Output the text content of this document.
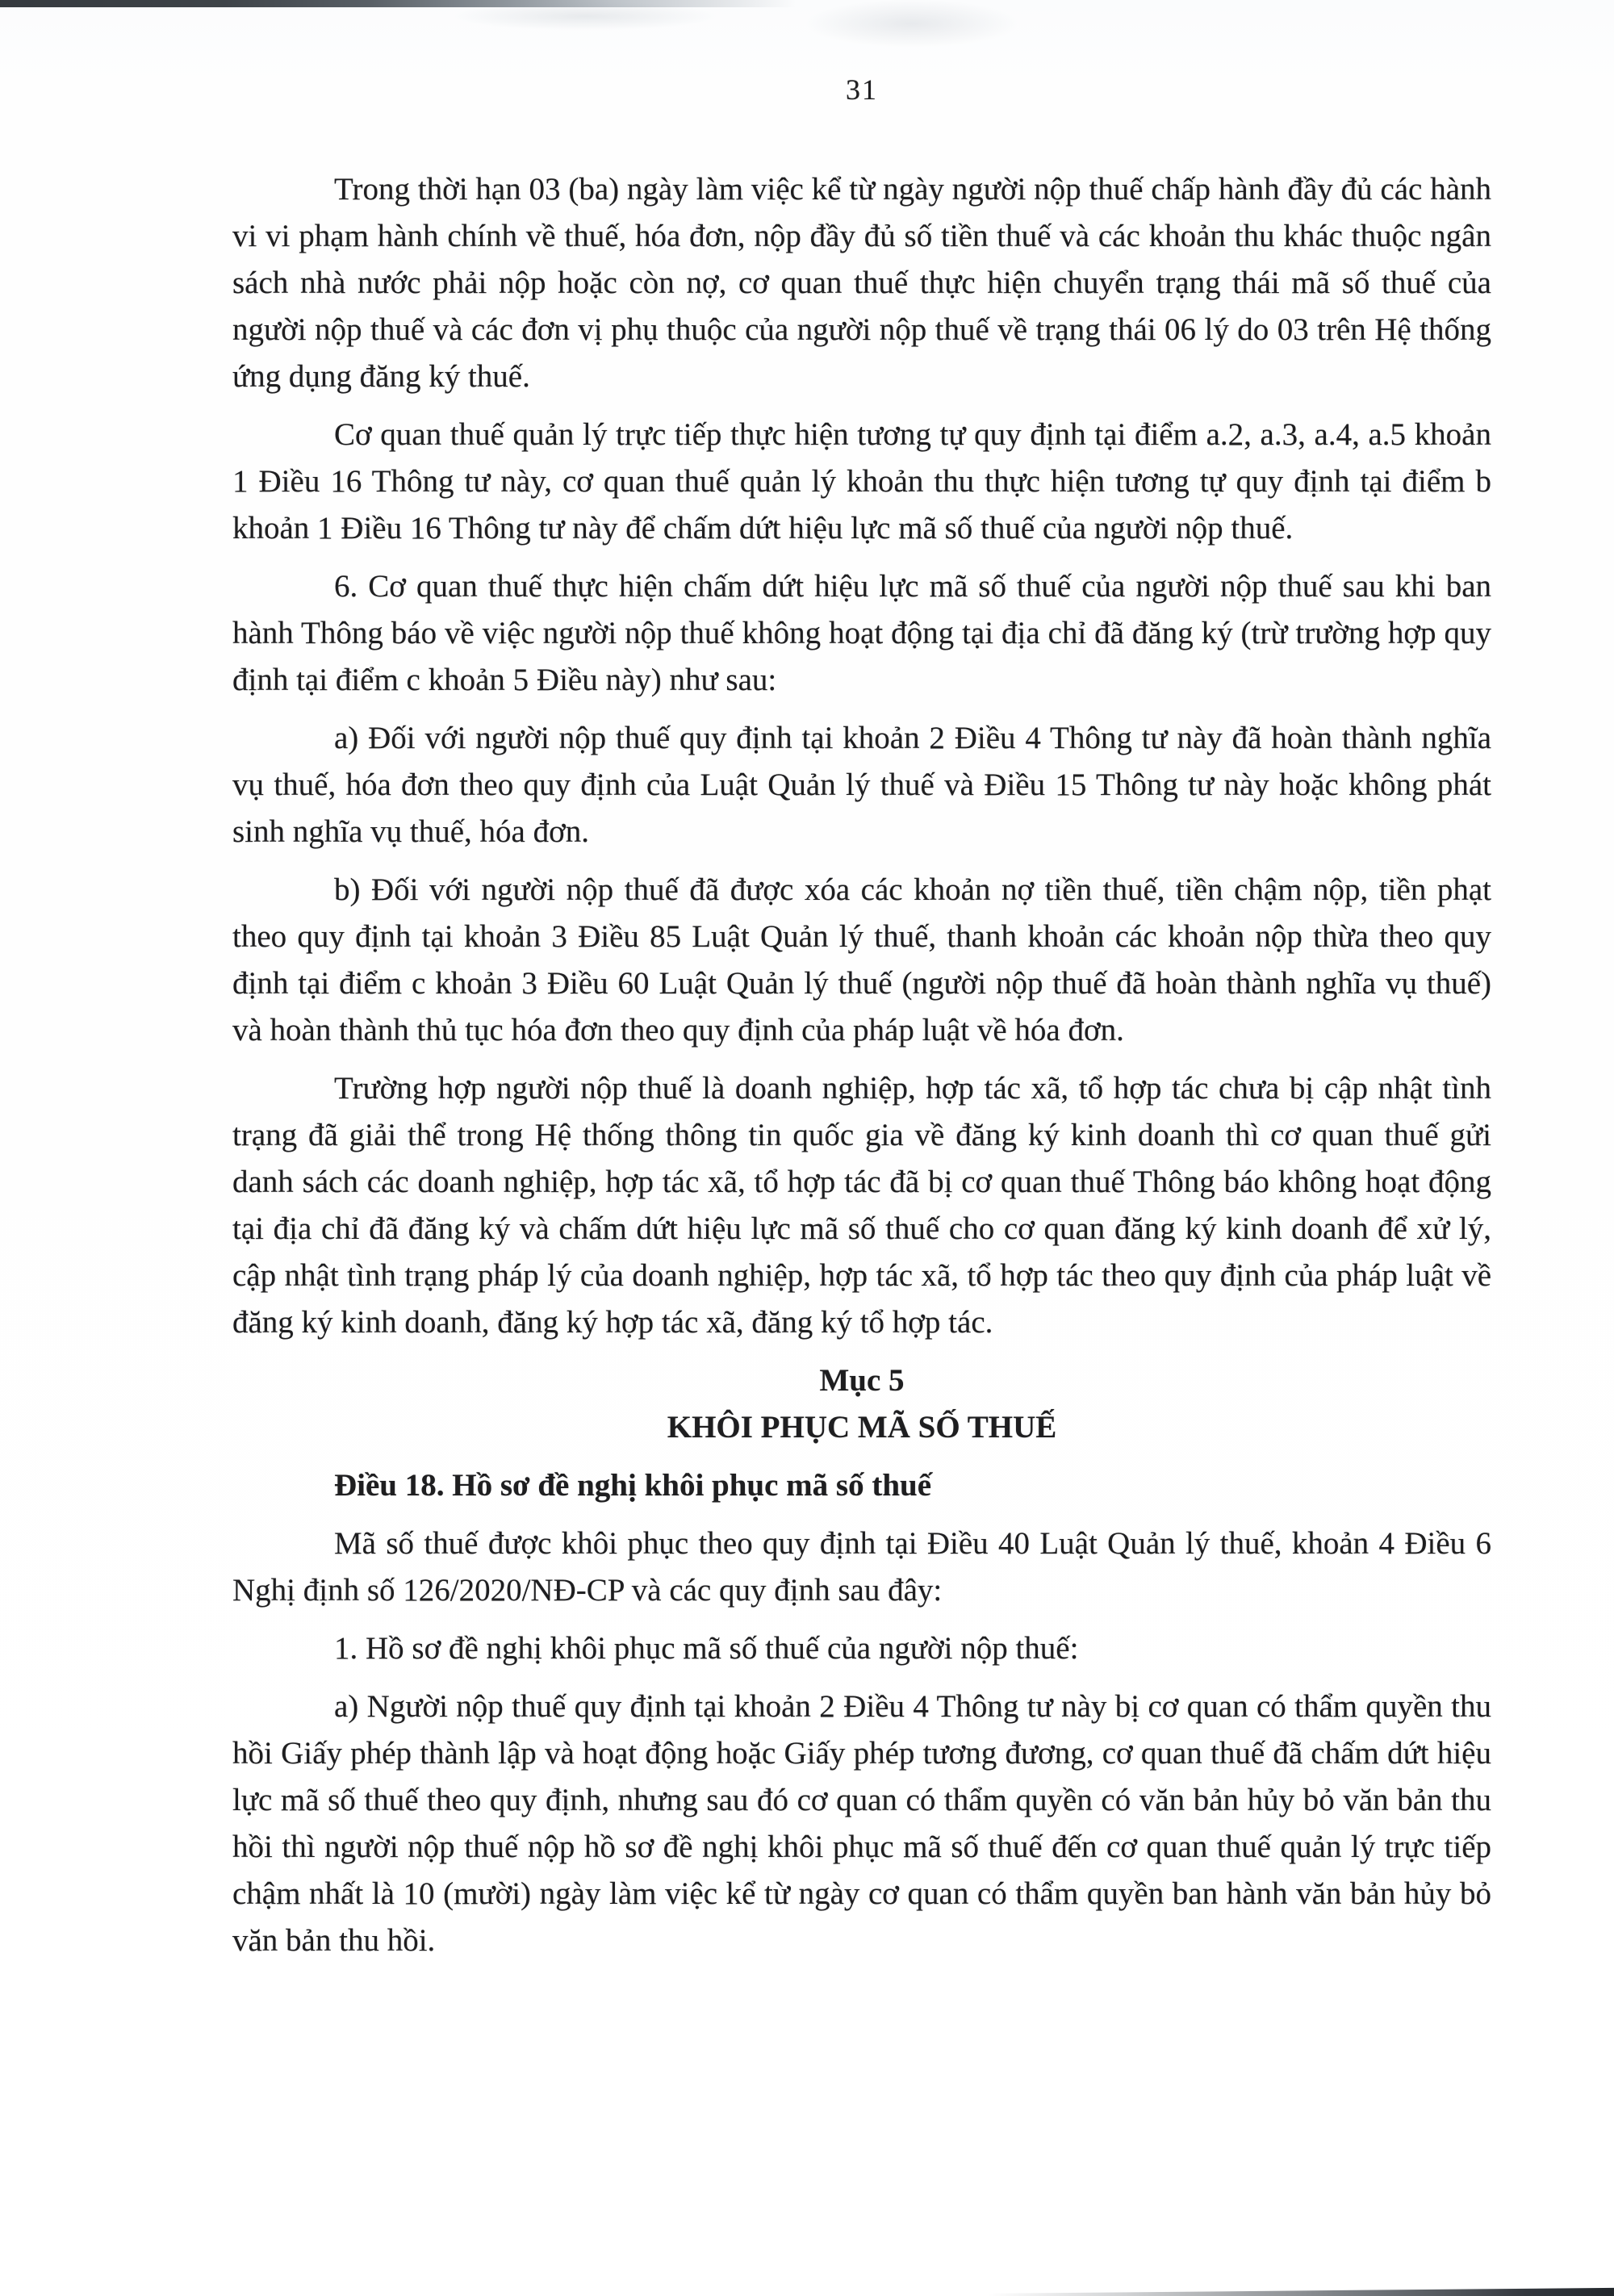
31

Trong thời hạn 03 (ba) ngày làm việc kể từ ngày người nộp thuế chấp hành đầy đủ các hành vi vi phạm hành chính về thuế, hóa đơn, nộp đầy đủ số tiền thuế và các khoản thu khác thuộc ngân sách nhà nước phải nộp hoặc còn nợ, cơ quan thuế thực hiện chuyển trạng thái mã số thuế của người nộp thuế và các đơn vị phụ thuộc của người nộp thuế về trạng thái 06 lý do 03 trên Hệ thống ứng dụng đăng ký thuế.

Cơ quan thuế quản lý trực tiếp thực hiện tương tự quy định tại điểm a.2, a.3, a.4, a.5 khoản 1 Điều 16 Thông tư này, cơ quan thuế quản lý khoản thu thực hiện tương tự quy định tại điểm b khoản 1 Điều 16 Thông tư này để chấm dứt hiệu lực mã số thuế của người nộp thuế.

6. Cơ quan thuế thực hiện chấm dứt hiệu lực mã số thuế của người nộp thuế sau khi ban hành Thông báo về việc người nộp thuế không hoạt động tại địa chỉ đã đăng ký (trừ trường hợp quy định tại điểm c khoản 5 Điều này) như sau:

a) Đối với người nộp thuế quy định tại khoản 2 Điều 4 Thông tư này đã hoàn thành nghĩa vụ thuế, hóa đơn theo quy định của Luật Quản lý thuế và Điều 15 Thông tư này hoặc không phát sinh nghĩa vụ thuế, hóa đơn.

b) Đối với người nộp thuế đã được xóa các khoản nợ tiền thuế, tiền chậm nộp, tiền phạt theo quy định tại khoản 3 Điều 85 Luật Quản lý thuế, thanh khoản các khoản nộp thừa theo quy định tại điểm c khoản 3 Điều 60 Luật Quản lý thuế (người nộp thuế đã hoàn thành nghĩa vụ thuế) và hoàn thành thủ tục hóa đơn theo quy định của pháp luật về hóa đơn.

Trường hợp người nộp thuế là doanh nghiệp, hợp tác xã, tổ hợp tác chưa bị cập nhật tình trạng đã giải thể trong Hệ thống thông tin quốc gia về đăng ký kinh doanh thì cơ quan thuế gửi danh sách các doanh nghiệp, hợp tác xã, tổ hợp tác đã bị cơ quan thuế Thông báo không hoạt động tại địa chỉ đã đăng ký và chấm dứt hiệu lực mã số thuế cho cơ quan đăng ký kinh doanh để xử lý, cập nhật tình trạng pháp lý của doanh nghiệp, hợp tác xã, tổ hợp tác theo quy định của pháp luật về đăng ký kinh doanh, đăng ký hợp tác xã, đăng ký tổ hợp tác.

Mục 5

KHÔI PHỤC MÃ SỐ THUẾ

Điều 18. Hồ sơ đề nghị khôi phục mã số thuế

Mã số thuế được khôi phục theo quy định tại Điều 40 Luật Quản lý thuế, khoản 4 Điều 6 Nghị định số 126/2020/NĐ-CP và các quy định sau đây:

1. Hồ sơ đề nghị khôi phục mã số thuế của người nộp thuế:

a) Người nộp thuế quy định tại khoản 2 Điều 4 Thông tư này bị cơ quan có thẩm quyền thu hồi Giấy phép thành lập và hoạt động hoặc Giấy phép tương đương, cơ quan thuế đã chấm dứt hiệu lực mã số thuế theo quy định, nhưng sau đó cơ quan có thẩm quyền có văn bản hủy bỏ văn bản thu hồi thì người nộp thuế nộp hồ sơ đề nghị khôi phục mã số thuế đến cơ quan thuế quản lý trực tiếp chậm nhất là 10 (mười) ngày làm việc kể từ ngày cơ quan có thẩm quyền ban hành văn bản hủy bỏ văn bản thu hồi.
